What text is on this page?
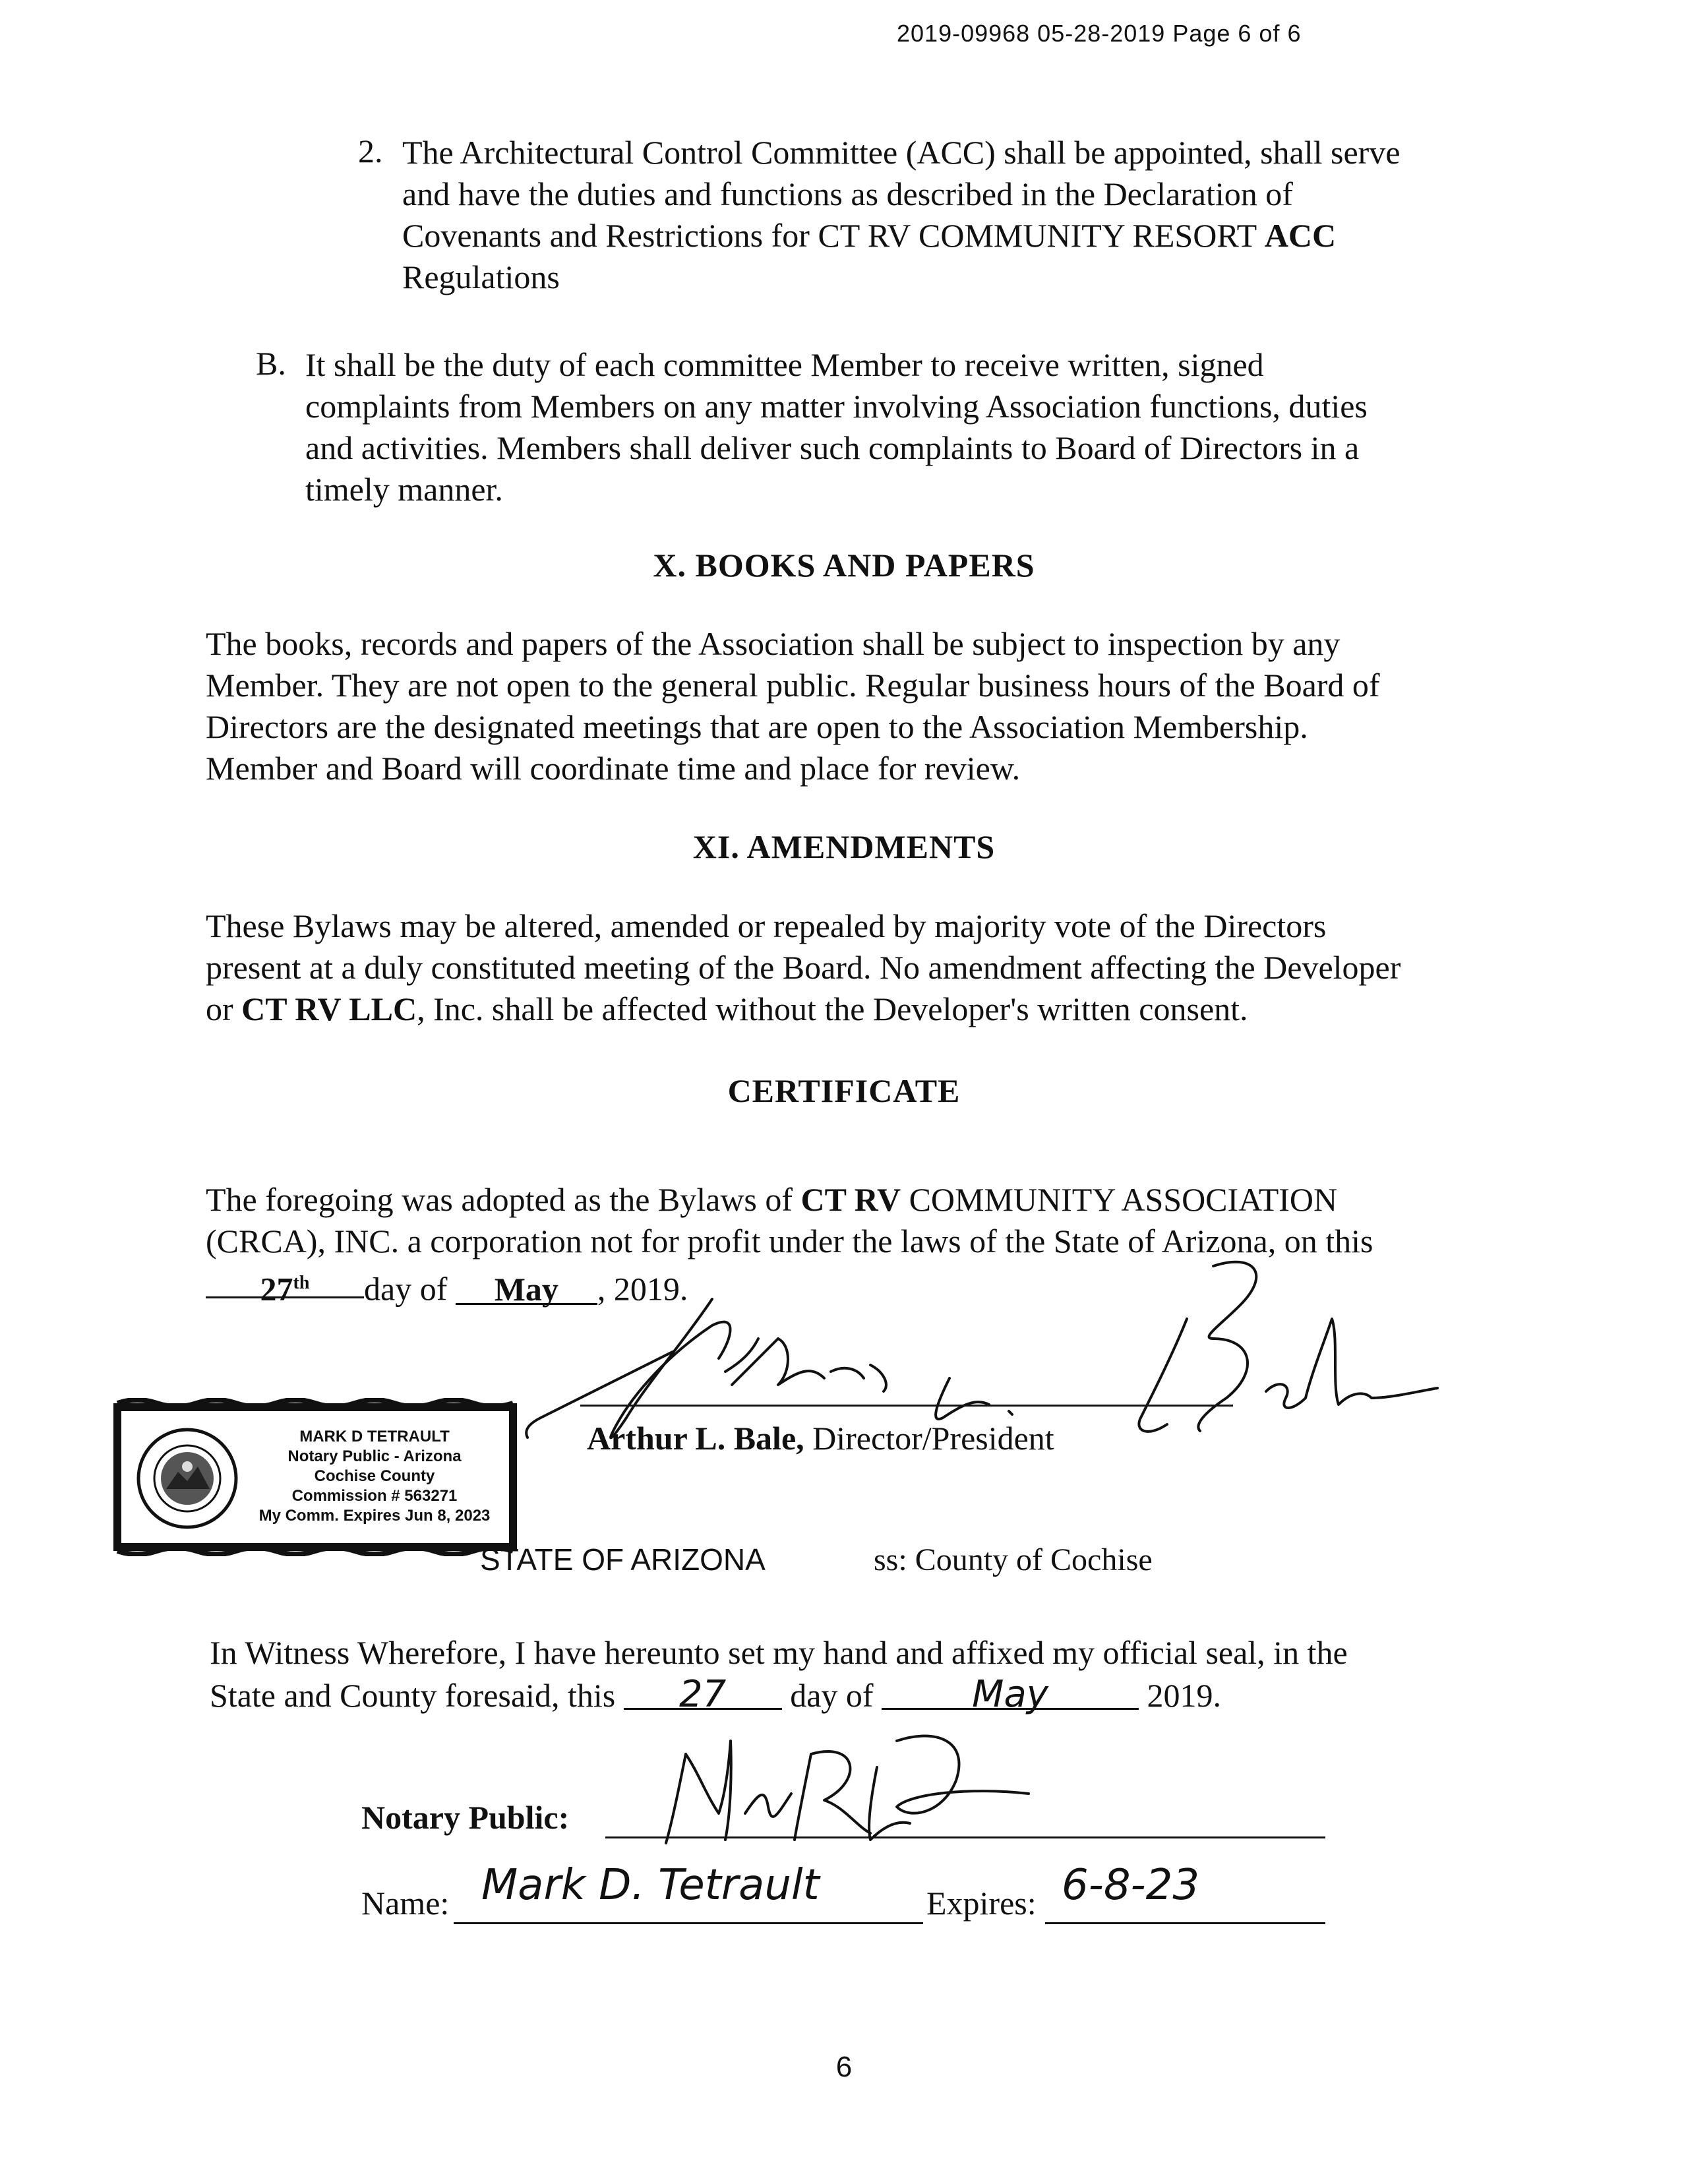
2019-09968 05-28-2019 Page 6 of 6
2. The Architectural Control Committee (ACC) shall be appointed, shall serve
and have the duties and functions as described in the Declaration of
Covenants and Restrictions for CT RV COMMUNITY RESORT ACC
Regulations
B. It shall be the duty of each committee Member to receive written, signed
complaints from Members on any matter involving Association functions, duties
and activities. Members shall deliver such complaints to Board of Directors in a
timely manner.
X. BOOKS AND PAPERS
The books, records and papers of the Association shall be subject to inspection by any
Member. They are not open to the general public. Regular business hours of the Board of
Directors are the designated meetings that are open to the Association Membership.
Member and Board will coordinate time and place for review.
XI. AMENDMENTS
These Bylaws may be altered, amended or repealed by majority vote of the Directors
present at a duly constituted meeting of the Board. No amendment affecting the Developer
or CT RV LLC, Inc. shall be affected without the Developer's written consent.
CERTIFICATE
The foregoing was adopted as the Bylaws of CT RV COMMUNITY ASSOCIATION
(CRCA), INC. a corporation not for profit under the laws of the State of Arizona, on this
27th day of May , 2019.
Arthur L. Bale, Director/President
MARK D TETRAULT
Notary Public - Arizona
Cochise County
Commission # 563271
My Comm. Expires Jun 8, 2023
STATE OF ARIZONA	ss: County of Cochise
In Witness Wherefore, I have hereunto set my hand and affixed my official seal, in the
State and County foresaid, this 27 day of May	2019.
Notary Public:
Name: Mark D. Tetrault	Expires: 6-8-23
6
